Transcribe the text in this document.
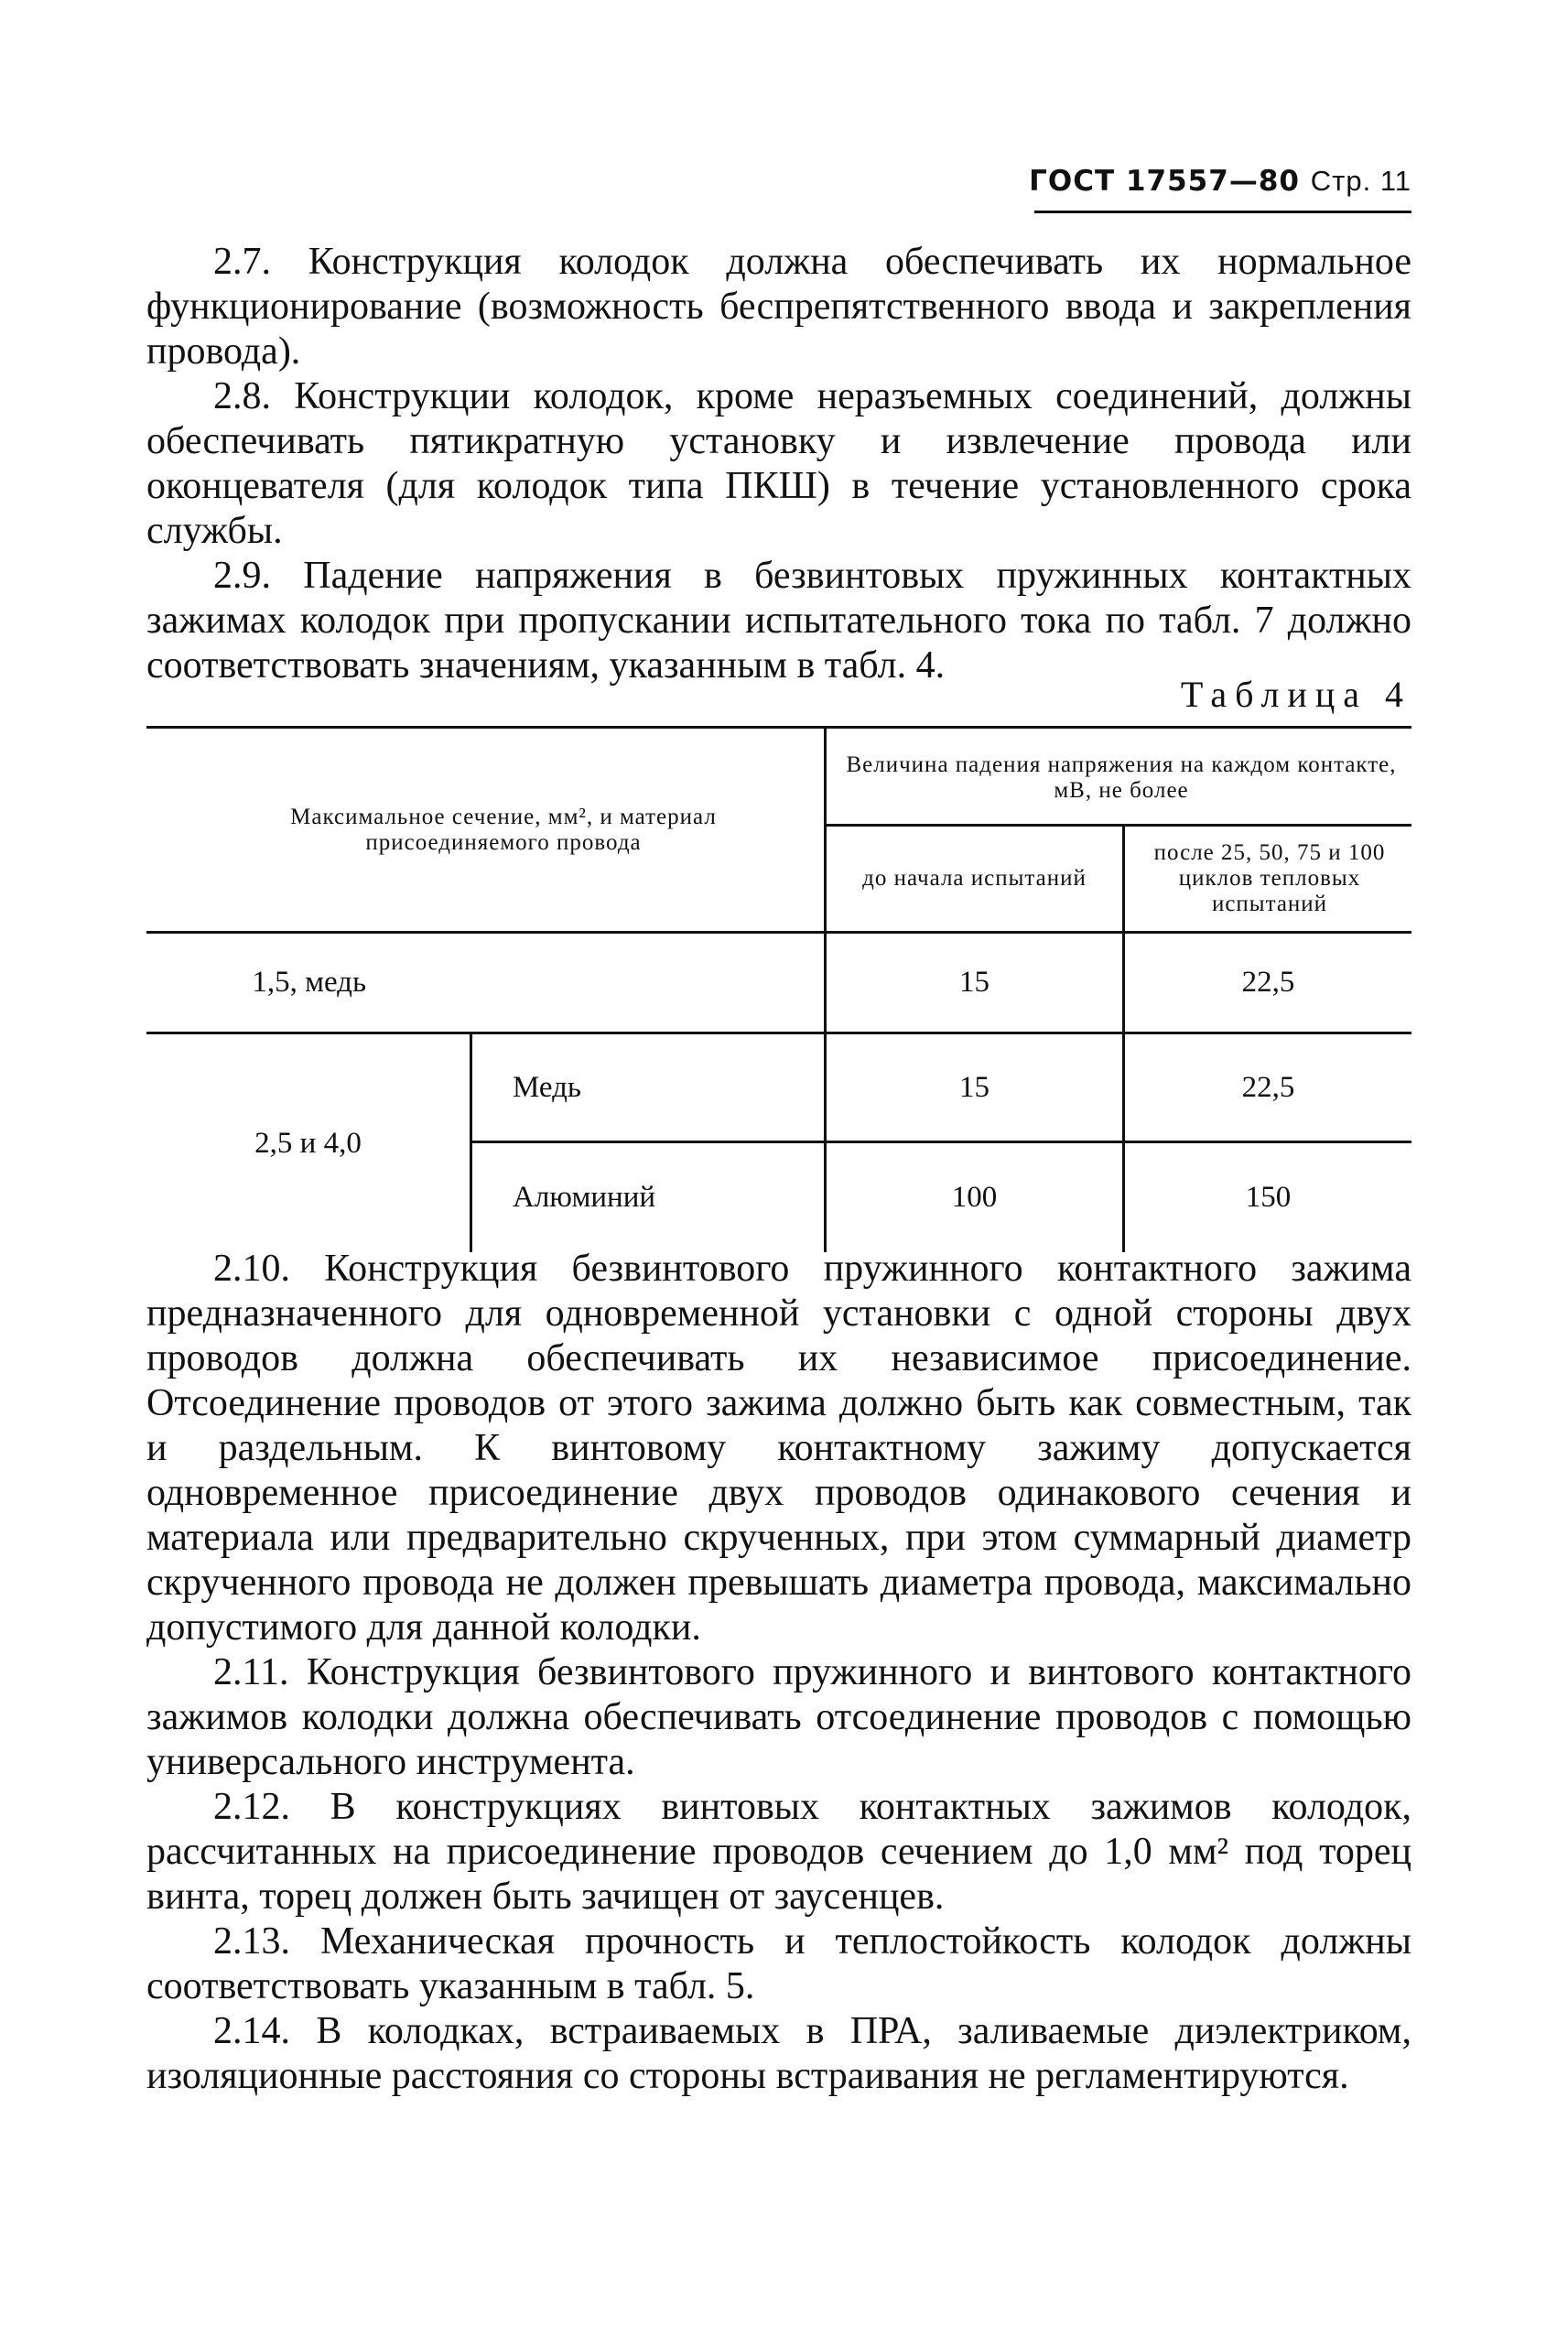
ГОСТ 17557—80 Стр. 11

2.7. Конструкция колодок должна обеспечивать их нормальное функционирование (возможность беспрепятственного ввода и закрепления провода).

2.8. Конструкции колодок, кроме неразъемных соединений, должны обеспечивать пятикратную установку и извлечение провода или оконцевателя (для колодок типа ПКШ) в течение установленного срока службы.

2.9. Падение напряжения в безвинтовых пружинных контактных зажимах колодок при пропускании испытательного тока по табл. 7 должно соответствовать значениям, указанным в табл. 4.

Таблица 4
Максимальное сечение, мм², и материал присоединяемого провода
Величина падения напряжения на каждом контакте, мВ, не более
до начала испытаний
после 25, 50, 75 и 100 циклов тепловых испытаний
1,5, медь	15	22,5
2,5 и 4,0
Медь	15	22,5
Алюминий	100	150

2.10. Конструкция безвинтового пружинного контактного зажима предназначенного для одновременной установки с одной стороны двух проводов должна обеспечивать их независимое присоединение. Отсоединение проводов от этого зажима должно быть как совместным, так и раздельным. К винтовому контактному зажиму допускается одновременное присоединение двух проводов одинакового сечения и материала или предварительно скрученных, при этом суммарный диаметр скрученного провода не должен превышать диаметра провода, максимально допустимого для данной колодки.

2.11. Конструкция безвинтового пружинного и винтового контактного зажимов колодки должна обеспечивать отсоединение проводов с помощью универсального инструмента.

2.12. В конструкциях винтовых контактных зажимов колодок, рассчитанных на присоединение проводов сечением до 1,0 мм² под торец винта, торец должен быть зачищен от заусенцев.

2.13. Механическая прочность и теплостойкость колодок должны соответствовать указанным в табл. 5.

2.14. В колодках, встраиваемых в ПРА, заливаемые диэлектриком, изоляционные расстояния со стороны встраивания не регламентируются.
